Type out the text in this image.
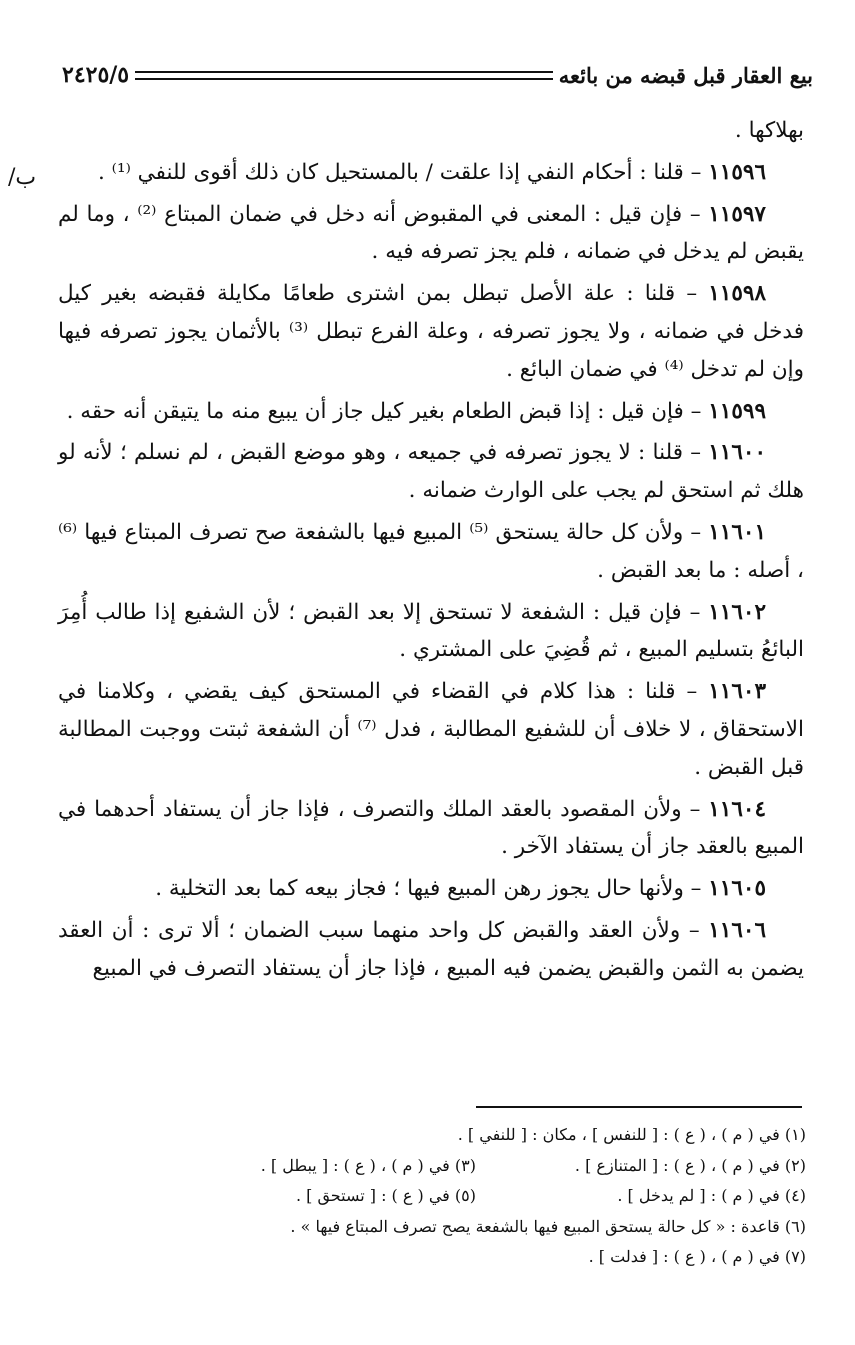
بيع العقار قبل قبضه من بائعه
٢٤٢٥/٥
/ب

بهلاكها .

١١٥٩٦ – قلنا : أحكام النفي إذا علقت / بالمستحيل كان ذلك أقوى للنفي ⁽¹⁾ .

١١٥٩٧ – فإن قيل : المعنى في المقبوض أنه دخل في ضمان المبتاع ⁽²⁾ ، وما لم يقبض لم يدخل في ضمانه ، فلم يجز تصرفه فيه .

١١٥٩٨ – قلنا : علة الأصل تبطل بمن اشترى طعامًا مكايلة فقبضه بغير كيل فدخل في ضمانه ، ولا يجوز تصرفه ، وعلة الفرع تبطل ⁽³⁾ بالأثمان يجوز تصرفه فيها وإن لم تدخل ⁽⁴⁾ في ضمان البائع .

١١٥٩٩ – فإن قيل : إذا قبض الطعام بغير كيل جاز أن يبيع منه ما يتيقن أنه حقه .

١١٦٠٠ – قلنا : لا يجوز تصرفه في جميعه ، وهو موضع القبض ، لم نسلم ؛ لأنه لو هلك ثم استحق لم يجب على الوارث ضمانه .

١١٦٠١ – ولأن كل حالة يستحق ⁽⁵⁾ المبيع فيها بالشفعة صح تصرف المبتاع فيها ⁽⁶⁾ ، أصله : ما بعد القبض .

١١٦٠٢ – فإن قيل : الشفعة لا تستحق إلا بعد القبض ؛ لأن الشفيع إذا طالب أُمِرَ البائعُ بتسليم المبيع ، ثم قُضِيَ على المشتري .

١١٦٠٣ – قلنا : هذا كلام في القضاء في المستحق كيف يقضي ، وكلامنا في الاستحقاق ، لا خلاف أن للشفيع المطالبة ، فدل ⁽⁷⁾ أن الشفعة ثبتت ووجبت المطالبة قبل القبض .

١١٦٠٤ – ولأن المقصود بالعقد الملك والتصرف ، فإذا جاز أن يستفاد أحدهما في المبيع بالعقد جاز أن يستفاد الآخر .

١١٦٠٥ – ولأنها حال يجوز رهن المبيع فيها ؛ فجاز بيعه كما بعد التخلية .

١١٦٠٦ – ولأن العقد والقبض كل واحد منهما سبب الضمان ؛ ألا ترى : أن العقد يضمن به الثمن والقبض يضمن فيه المبيع ، فإذا جاز أن يستفاد التصرف في المبيع

(١) في ( م ) ، ( ع ) : [ للنفس ] ، مكان : [ للنفي ] .
(٢) في ( م ) ، ( ع ) : [ المتنازع ] .
(٣) في ( م ) ، ( ع ) : [ يبطل ] .
(٤) في ( م ) : [ لم يدخل ] .
(٥) في ( ع ) : [ تستحق ] .
(٦) قاعدة : « كل حالة يستحق المبيع فيها بالشفعة يصح تصرف المبتاع فيها » .
(٧) في ( م ) ، ( ع ) : [ فدلت ] .
